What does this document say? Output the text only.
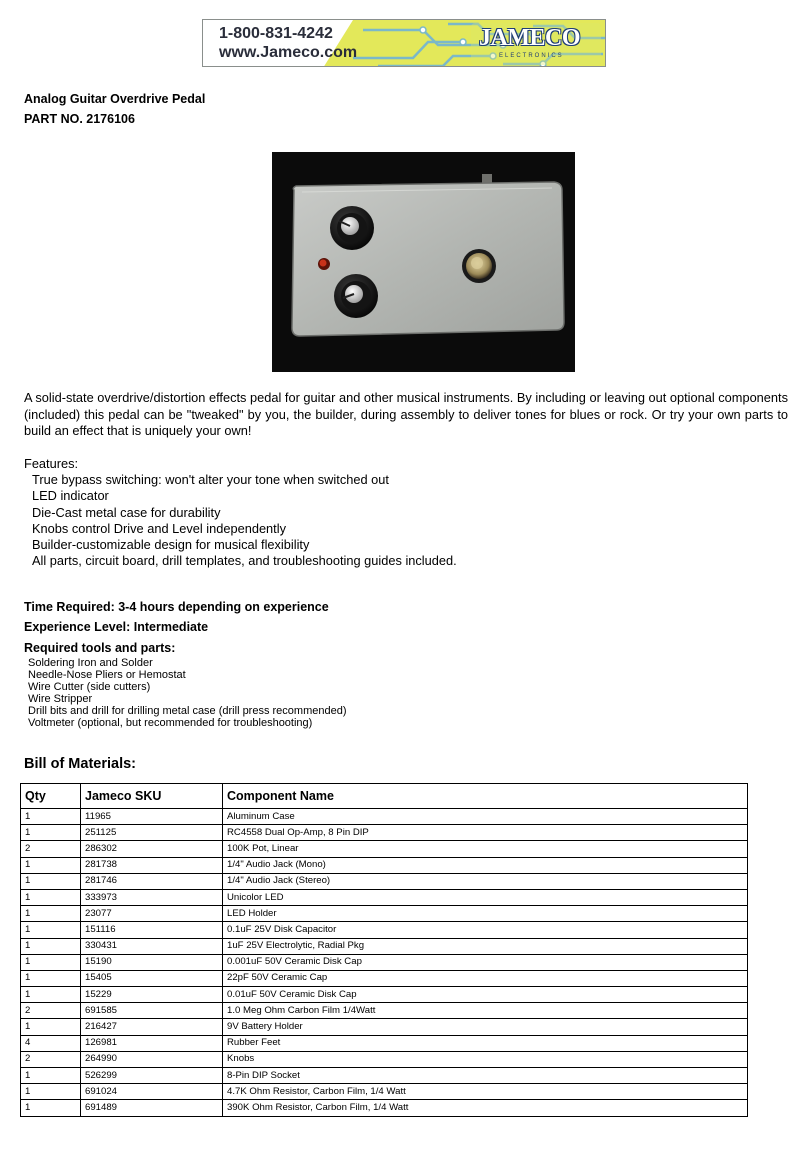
1-800-831-4242
www.Jameco.com
JAMECO
ELECTRONICS
Analog Guitar Overdrive Pedal
PART NO. 2176106
A solid-state overdrive/distortion effects pedal for guitar and other musical instruments. By including or leaving out optional components (included) this pedal can be "tweaked" by you, the builder, during assembly to deliver tones for blues or rock. Or try your own parts to build an effect that is uniquely your own!
Features:
True bypass switching: won't alter your tone when switched out
LED indicator
Die-Cast metal case for durability
Knobs control Drive and Level independently
Builder-customizable design for musical flexibility
All parts, circuit board, drill templates, and troubleshooting guides included.
Time Required: 3-4 hours depending on experience
Experience Level: Intermediate
Required tools and parts:
Soldering Iron and Solder
Needle-Nose Pliers or Hemostat
Wire Cutter (side cutters)
Wire Stripper
Drill bits and drill for drilling metal case (drill press recommended)
Voltmeter (optional, but recommended for troubleshooting)
Bill of Materials:
Qty	Jameco SKU	Component Name
1	11965	Aluminum Case
1	251125	RC4558 Dual Op-Amp, 8 Pin DIP
2	286302	100K Pot, Linear
1	281738	1/4" Audio Jack (Mono)
1	281746	1/4" Audio Jack (Stereo)
1	333973	Unicolor LED
1	23077	LED Holder
1	151116	0.1uF 25V Disk Capacitor
1	330431	1uF 25V Electrolytic, Radial Pkg
1	15190	0.001uF 50V Ceramic Disk Cap
1	15405	22pF 50V Ceramic Cap
1	15229	0.01uF 50V Ceramic Disk Cap
2	691585	1.0 Meg Ohm Carbon Film 1/4Watt
1	216427	9V Battery Holder
4	126981	Rubber Feet
2	264990	Knobs
1	526299	8-Pin DIP Socket
1	691024	4.7K Ohm Resistor, Carbon Film, 1/4 Watt
1	691489	390K Ohm Resistor, Carbon Film, 1/4 Watt
